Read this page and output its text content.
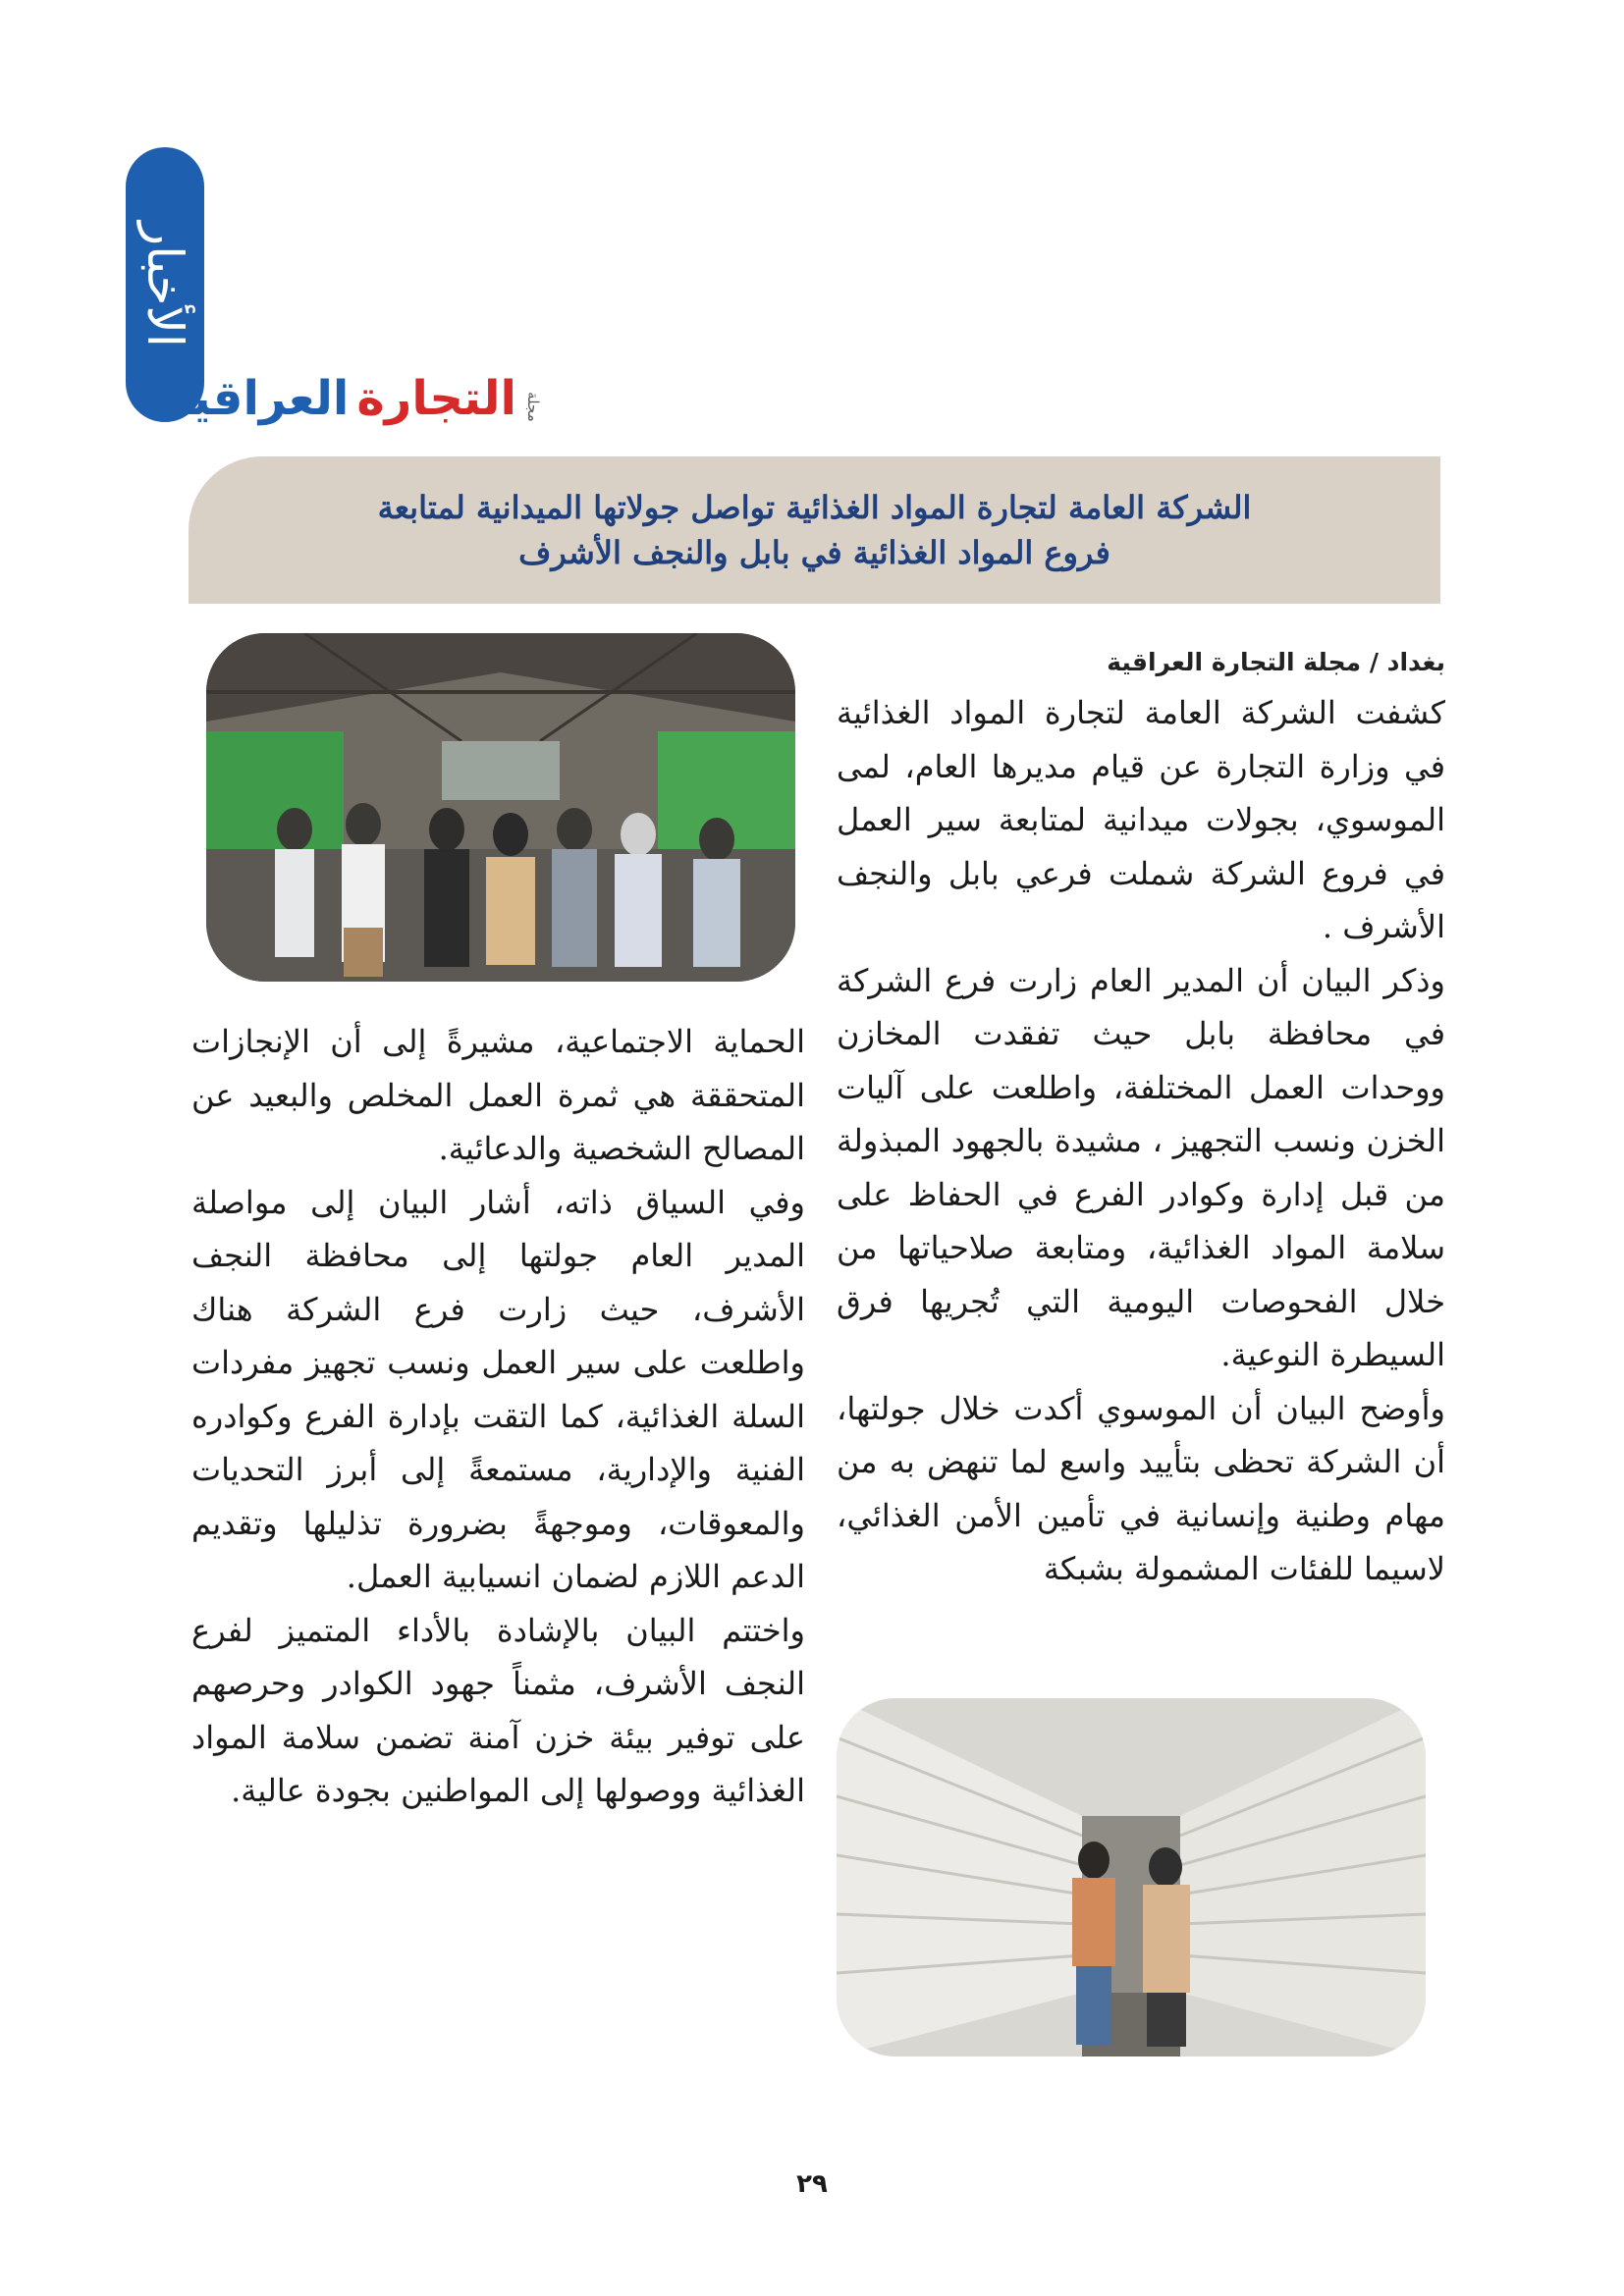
الأخبار
مجلة
التجارة
العراقية
الشركة العامة لتجارة المواد الغذائية تواصل جولاتها الميدانية لمتابعة
فروع المواد الغذائية في بابل والنجف الأشرف

بغداد / مجلة التجارة العراقية

كشفت الشركة العامة لتجارة المواد الغذائية في وزارة التجارة عن قيام مديرها العام، لمى الموسوي، بجولات ميدانية لمتابعة سير العمل في فروع الشركة شملت فرعي بابل والنجف الأشرف .

وذكر البيان أن المدير العام زارت فرع الشركة في محافظة بابل حيث تفقدت المخازن ووحدات العمل المختلفة، واطلعت على آليات الخزن ونسب التجهيز ، مشيدة بالجهود المبذولة من قبل إدارة وكوادر الفرع في الحفاظ على سلامة المواد الغذائية، ومتابعة صلاحياتها من خلال الفحوصات اليومية التي تُجريها فرق السيطرة النوعية.

وأوضح البيان أن الموسوي أكدت خلال جولتها، أن الشركة تحظى بتأييد واسع لما تنهض به من مهام وطنية وإنسانية في تأمين الأمن الغذائي، لاسيما للفئات المشمولة بشبكة

الحماية الاجتماعية، مشيرةً إلى أن الإنجازات المتحققة هي ثمرة العمل المخلص والبعيد عن المصالح الشخصية والدعائية.

وفي السياق ذاته، أشار البيان إلى مواصلة المدير العام جولتها إلى محافظة النجف الأشرف، حيث زارت فرع الشركة هناك واطلعت على سير العمل ونسب تجهيز مفردات السلة الغذائية، كما التقت بإدارة الفرع وكوادره الفنية والإدارية، مستمعةً إلى أبرز التحديات والمعوقات، وموجهةً بضرورة تذليلها وتقديم الدعم اللازم لضمان انسيابية العمل.

واختتم البيان بالإشادة بالأداء المتميز لفرع النجف الأشرف، مثمناً جهود الكوادر وحرصهم على توفير بيئة خزن آمنة تضمن سلامة المواد الغذائية ووصولها إلى المواطنين بجودة عالية.

٢٩
